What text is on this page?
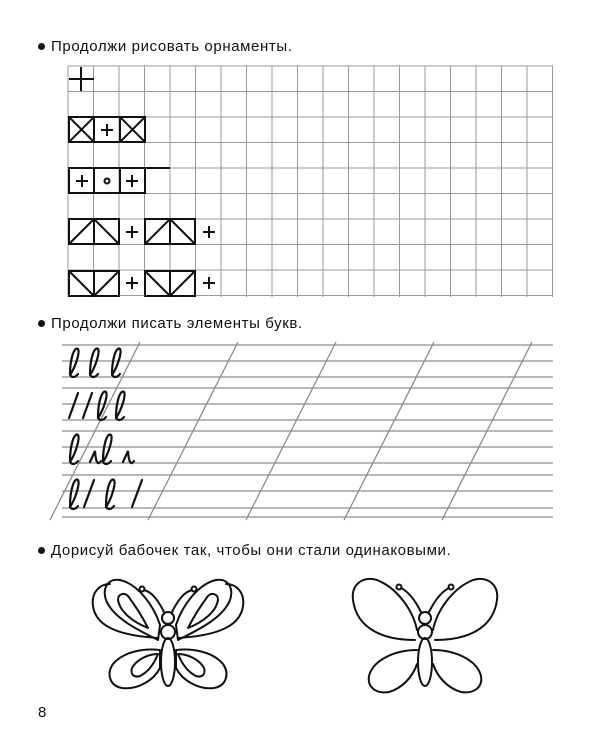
Продолжи рисовать орнаменты.
Продолжи писать элементы букв.
Дорисуй бабочек так, чтобы они стали одинаковыми.
8
